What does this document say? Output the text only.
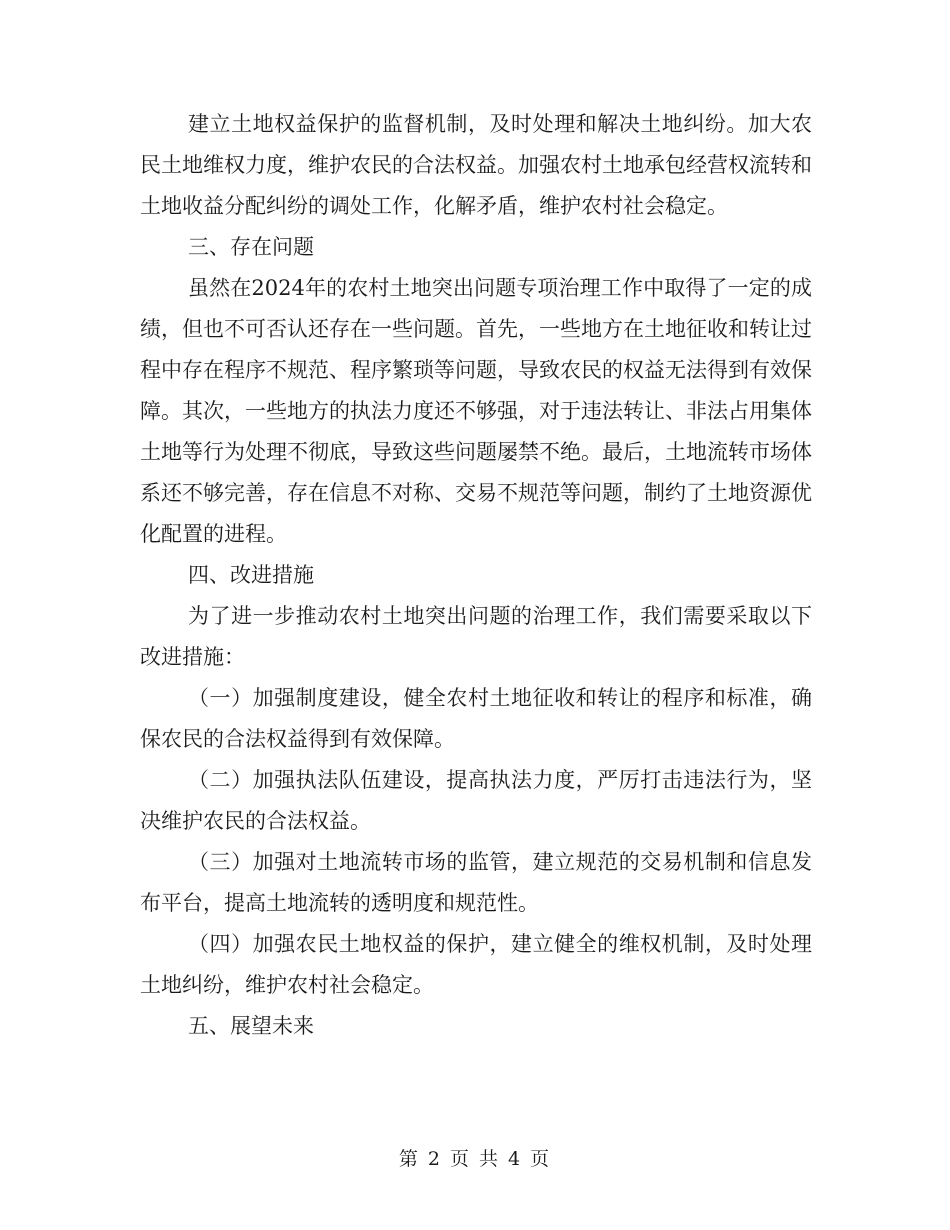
建立土地权益保护的监督机制，及时处理和解决土地纠纷。加大农民土地维权力度，维护农民的合法权益。加强农村土地承包经营权流转和土地收益分配纠纷的调处工作，化解矛盾，维护农村社会稳定。

三、存在问题

虽然在2024年的农村土地突出问题专项治理工作中取得了一定的成绩，但也不可否认还存在一些问题。首先，一些地方在土地征收和转让过程中存在程序不规范、程序繁琐等问题，导致农民的权益无法得到有效保障。其次，一些地方的执法力度还不够强，对于违法转让、非法占用集体土地等行为处理不彻底，导致这些问题屡禁不绝。最后，土地流转市场体系还不够完善，存在信息不对称、交易不规范等问题，制约了土地资源优化配置的进程。

四、改进措施

为了进一步推动农村土地突出问题的治理工作，我们需要采取以下改进措施：

（一）加强制度建设，健全农村土地征收和转让的程序和标准，确保农民的合法权益得到有效保障。

（二）加强执法队伍建设，提高执法力度，严厉打击违法行为，坚决维护农民的合法权益。

（三）加强对土地流转市场的监管，建立规范的交易机制和信息发布平台，提高土地流转的透明度和规范性。

（四）加强农民土地权益的保护，建立健全的维权机制，及时处理土地纠纷，维护农村社会稳定。

五、展望未来

第 2 页 共 4 页
